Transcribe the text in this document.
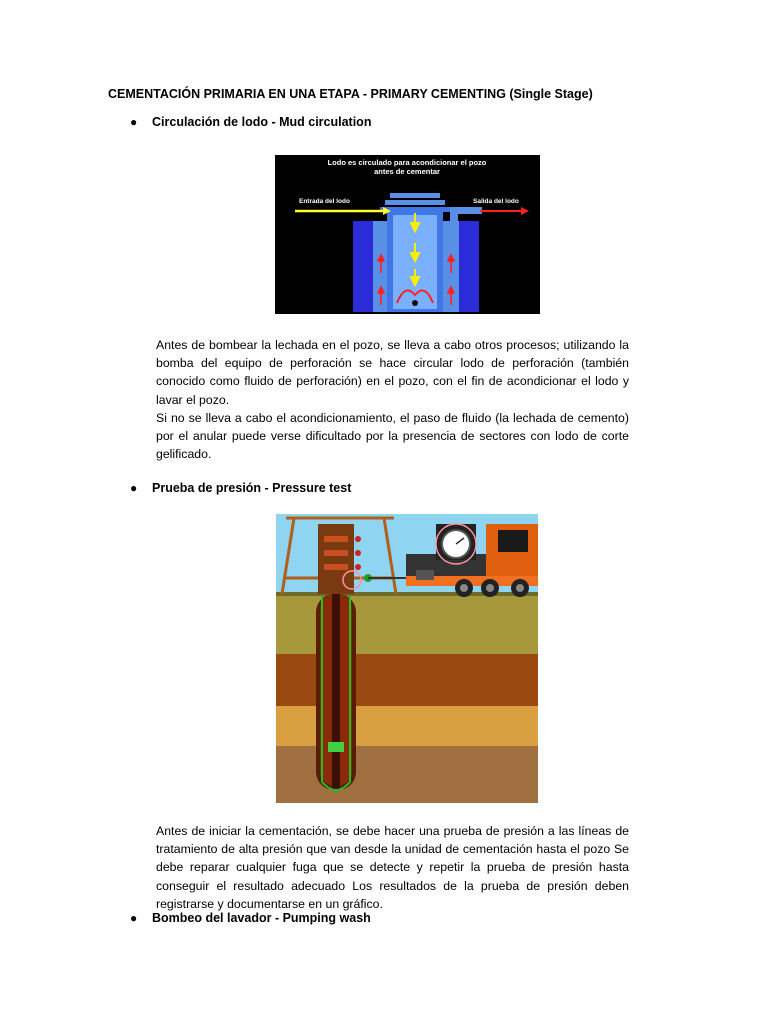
CEMENTACIÓN PRIMARIA EN UNA ETAPA - PRIMARY CEMENTING (Single Stage)
● Circulación de lodo - Mud circulation
Lodo es circulado para acondicionar el pozo
antes de cementar
Entrada del lodo	Salida del lodo

Antes de bombear la lechada en el pozo, se lleva a cabo otros procesos; utilizando la bomba del equipo de perforación se hace circular lodo de perforación (también conocido como fluido de perforación) en el pozo, con el fin de acondicionar el lodo y lavar el pozo.

Si no se lleva a cabo el acondicionamiento, el paso de fluido (la lechada de cemento) por el anular puede verse dificultado por la presencia de sectores con lodo de corte gelificado.

● Prueba de presión - Pressure test

Antes de iniciar la cementación, se debe hacer una prueba de presión a las líneas de tratamiento de alta presión que van desde la unidad de cementación hasta el pozo Se debe reparar cualquier fuga que se detecte y repetir la prueba de presión hasta conseguir el resultado adecuado Los resultados de la prueba de presión deben registrarse y documentarse en un gráfico.

● Bombeo del lavador - Pumping wash
